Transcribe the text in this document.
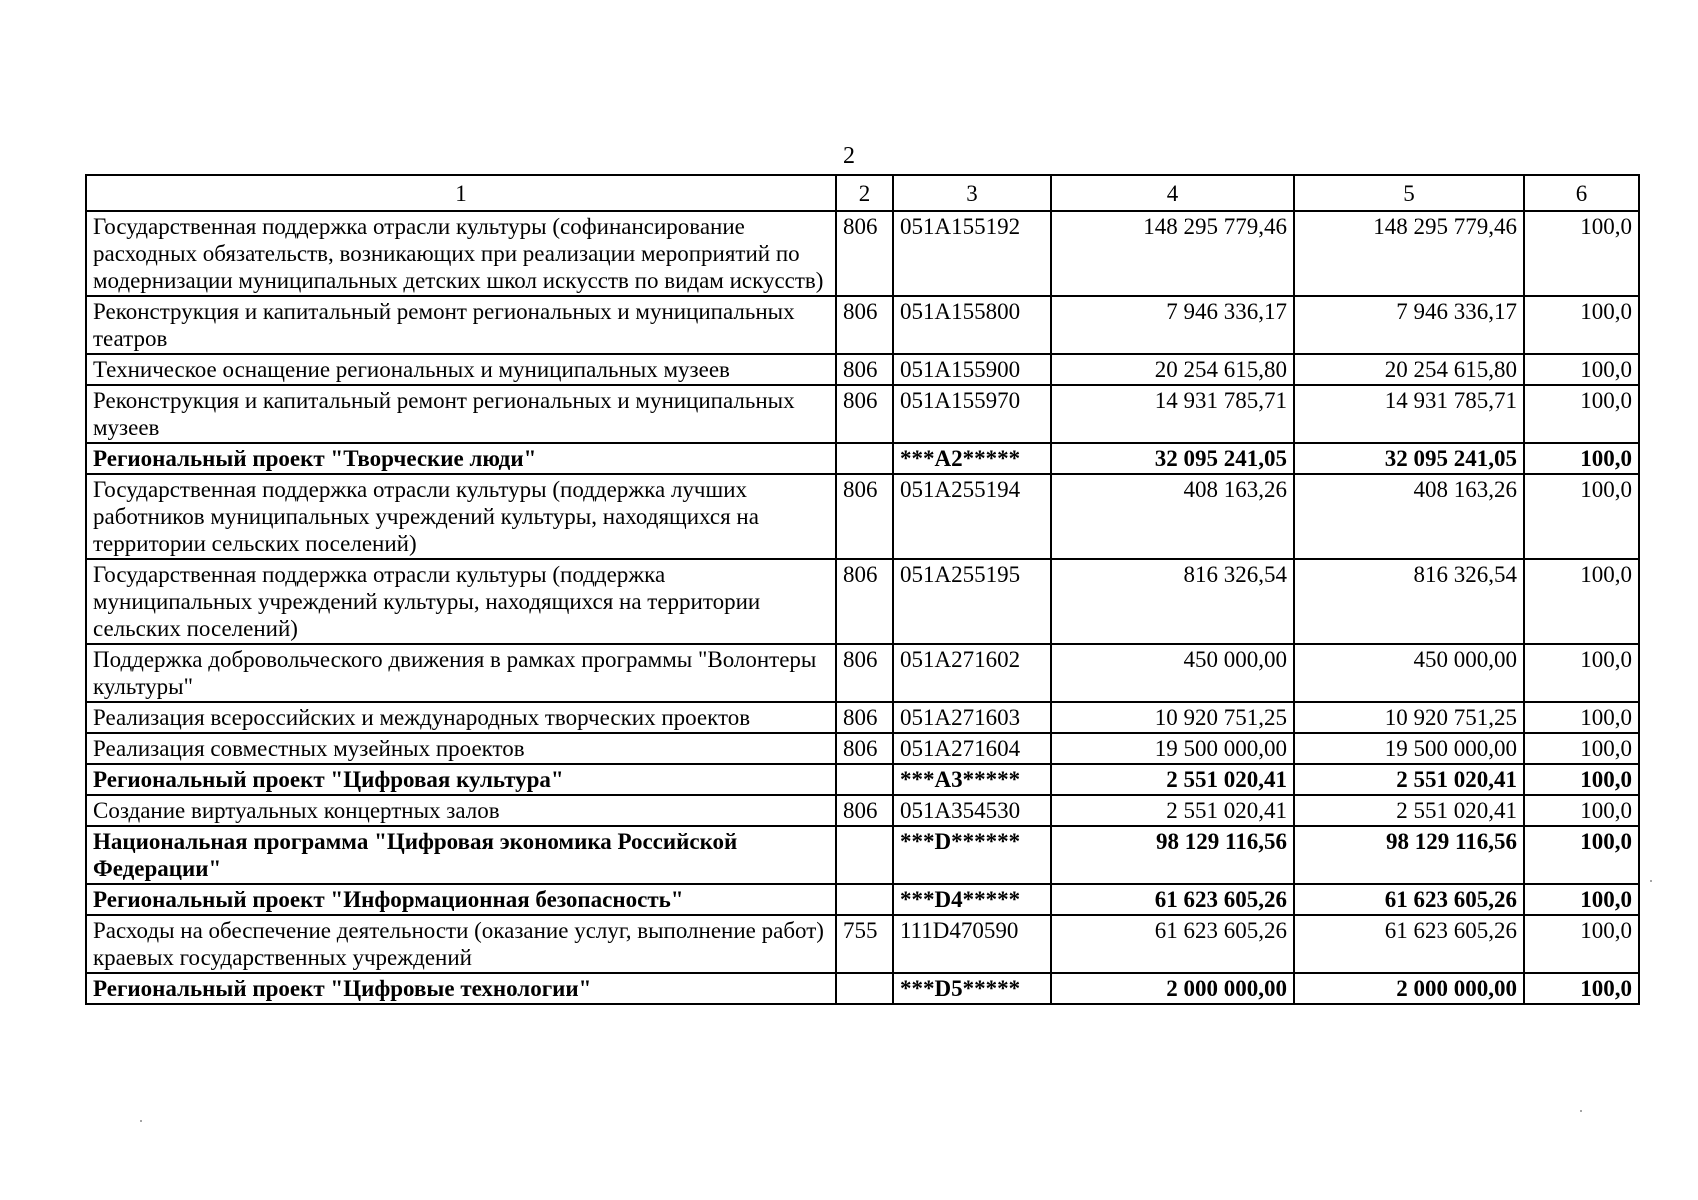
2
1	2	3	4	5	6
Государственная поддержка отрасли культуры (софинансирование расходных обязательств, возникающих при реализации мероприятий по модернизации муниципальных детских школ искусств по видам искусств)	806	051А155192	148 295 779,46	148 295 779,46	100,0
Реконструкция и капитальный ремонт региональных и муниципальных театров	806	051А155800	7 946 336,17	7 946 336,17	100,0
Техническое оснащение региональных и муниципальных музеев	806	051А155900	20 254 615,80	20 254 615,80	100,0
Реконструкция и капитальный ремонт региональных и муниципальных музеев	806	051А155970	14 931 785,71	14 931 785,71	100,0
Региональный проект "Творческие люди"		***А2*****	32 095 241,05	32 095 241,05	100,0
Государственная поддержка отрасли культуры (поддержка лучших работников муниципальных учреждений культуры, находящихся на территории сельских поселений)	806	051А255194	408 163,26	408 163,26	100,0
Государственная поддержка отрасли культуры (поддержка муниципальных учреждений культуры, находящихся на территории сельских поселений)	806	051А255195	816 326,54	816 326,54	100,0
Поддержка добровольческого движения в рамках программы "Волонтеры культуры"	806	051А271602	450 000,00	450 000,00	100,0
Реализация всероссийских и международных творческих проектов	806	051А271603	10 920 751,25	10 920 751,25	100,0
Реализация совместных музейных проектов	806	051А271604	19 500 000,00	19 500 000,00	100,0
Региональный проект "Цифровая культура"		***А3*****	2 551 020,41	2 551 020,41	100,0
Создание виртуальных концертных залов	806	051А354530	2 551 020,41	2 551 020,41	100,0
Национальная программа "Цифровая экономика Российской Федерации"		***D******	98 129 116,56	98 129 116,56	100,0
Региональный проект "Информационная безопасность"		***D4*****	61 623 605,26	61 623 605,26	100,0
Расходы на обеспечение деятельности (оказание услуг, выполнение работ) краевых государственных учреждений	755	111D470590	61 623 605,26	61 623 605,26	100,0
Региональный проект "Цифровые технологии"		***D5*****	2 000 000,00	2 000 000,00	100,0
